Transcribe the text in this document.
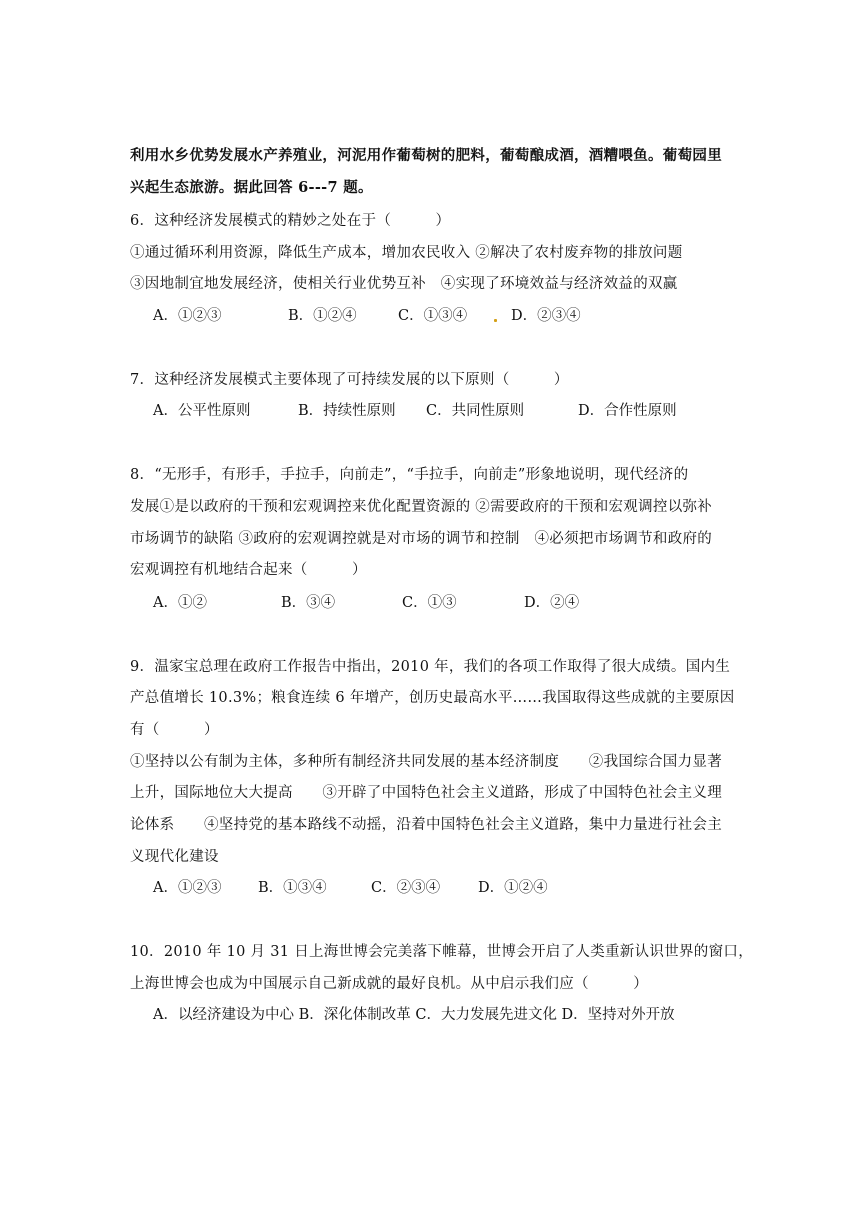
利用水乡优势发展水产养殖业，河泥用作葡萄树的肥料，葡萄酿成酒，酒糟喂鱼。葡萄园里
兴起生态旅游。据此回答 6---7 题。
6．这种经济发展模式的精妙之处在于（　　　）
①通过循环利用资源，降低生产成本，增加农民收入 ②解决了农村废弃物的排放问题
③因地制宜地发展经济，使相关行业优势互补　④实现了环境效益与经济效益的双赢
A．①②③	B．①②④	C．①③④	D．②③④
7．这种经济发展模式主要体现了可持续发展的以下原则（　　　）
A．公平性原则	B．持续性原则 C．共同性原则	D．合作性原则
8．“无形手，有形手，手拉手，向前走”，“手拉手，向前走”形象地说明，现代经济的
发展①是以政府的干预和宏观调控来优化配置资源的 ②需要政府的干预和宏观调控以弥补
市场调节的缺陷 ③政府的宏观调控就是对市场的调节和控制　④必须把市场调节和政府的
宏观调控有机地结合起来（　　　）
A．①②	B．③④	C．①③	D．②④
9．温家宝总理在政府工作报告中指出，2010 年，我们的各项工作取得了很大成绩。国内生
产总值增长 10.3%；粮食连续 6 年增产，创历史最高水平……我国取得这些成就的主要原因
有（　　　）
①坚持以公有制为主体，多种所有制经济共同发展的基本经济制度　　②我国综合国力显著
上升，国际地位大大提高　　③开辟了中国特色社会主义道路，形成了中国特色社会主义理
论体系　　④坚持党的基本路线不动摇，沿着中国特色社会主义道路，集中力量进行社会主
义现代化建设
A．①②③	B．①③④	C．②③④	D．①②④
10．2010 年 10 月 31 日上海世博会完美落下帷幕，世博会开启了人类重新认识世界的窗口，
上海世博会也成为中国展示自己新成就的最好良机。从中启示我们应（　　　）
A．以经济建设为中心 B．深化体制改革 C．大力发展先进文化 D．坚持对外开放
